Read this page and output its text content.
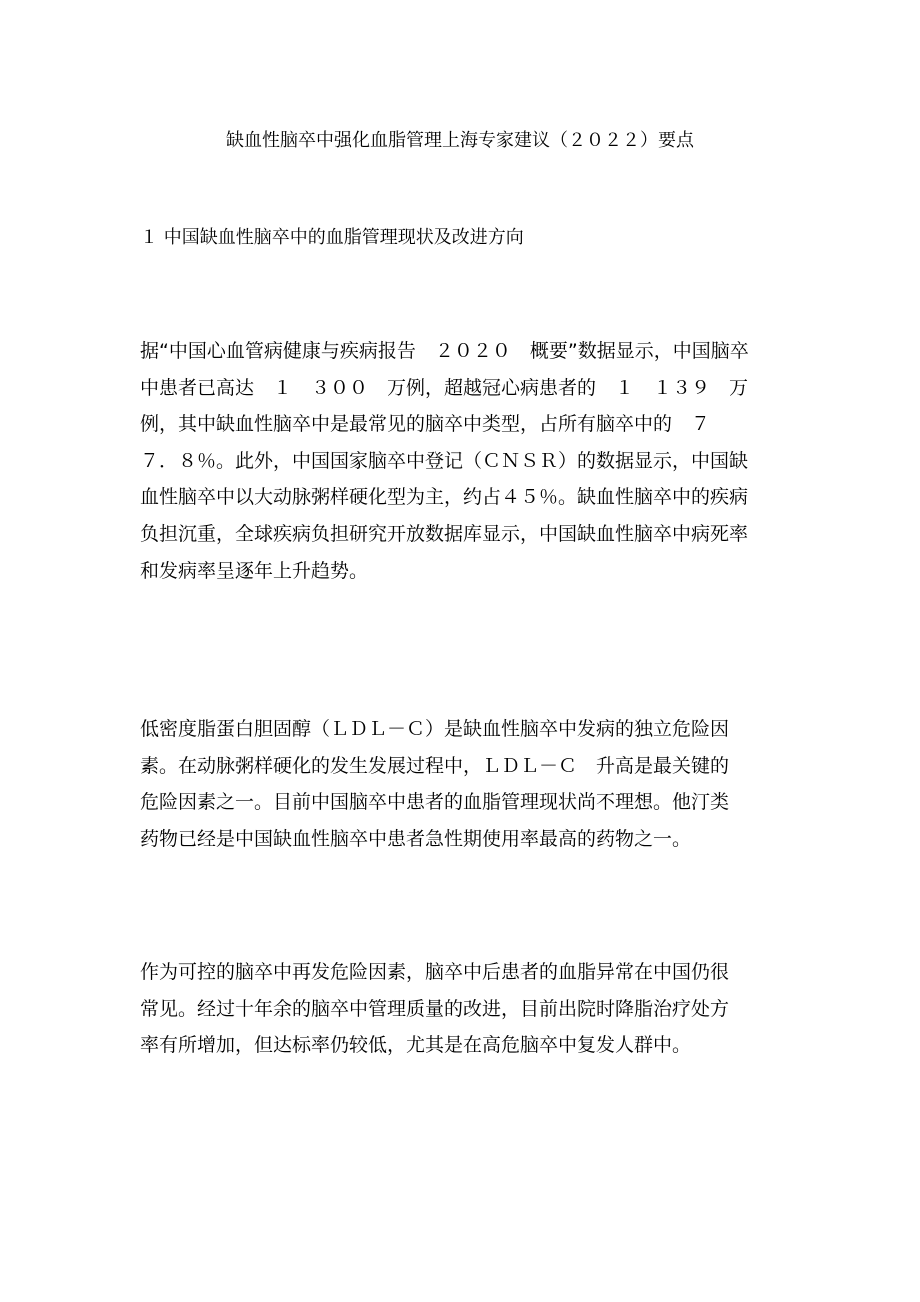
缺血性脑卒中强化血脂管理上海专家建议（２０２２）要点
１ 中国缺血性脑卒中的血脂管理现状及改进方向

据“中国心血管病健康与疾病报告　２０２０　概要”数据显示，中国脑卒
中患者已高达　１　３００　万例，超越冠心病患者的　１　１３９　万
例，其中缺血性脑卒中是最常见的脑卒中类型，占所有脑卒中的　７
７．８％。此外，中国国家脑卒中登记（ＣＮＳＲ）的数据显示，中国缺
血性脑卒中以大动脉粥样硬化型为主，约占４５％。缺血性脑卒中的疾病
负担沉重，全球疾病负担研究开放数据库显示，中国缺血性脑卒中病死率
和发病率呈逐年上升趋势。

低密度脂蛋白胆固醇（ＬＤＬ－Ｃ）是缺血性脑卒中发病的独立危险因
素。在动脉粥样硬化的发生发展过程中，ＬＤＬ－Ｃ　升高是最关键的
危险因素之一。目前中国脑卒中患者的血脂管理现状尚不理想。他汀类
药物已经是中国缺血性脑卒中患者急性期使用率最高的药物之一。

作为可控的脑卒中再发危险因素，脑卒中后患者的血脂异常在中国仍很
常见。经过十年余的脑卒中管理质量的改进，目前出院时降脂治疗处方
率有所增加，但达标率仍较低，尤其是在高危脑卒中复发人群中。
